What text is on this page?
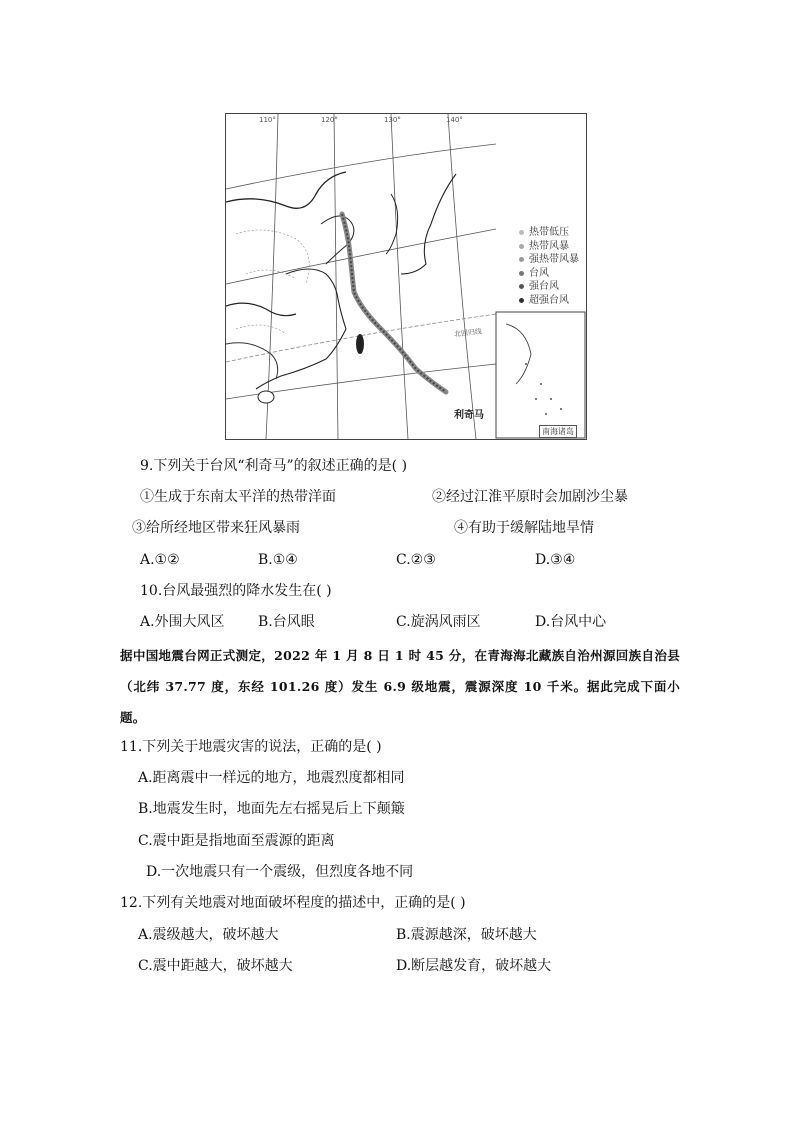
110°	120°	130°	140°
热带低压
热带风暴
强热带风暴
台风
强台风
超强台风
北回归线
利奇马
南海诸岛
9.下列关于台风“利奇马”的叙述正确的是( )
①生成于东南太平洋的热带洋面	②经过江淮平原时会加剧沙尘暴
③给所经地区带来狂风暴雨	④有助于缓解陆地旱情
A.①②	B.①④	C.②③	D.③④
10.台风最强烈的降水发生在( )
A.外围大风区 B.台风眼	C.旋涡风雨区	D.台风中心
据中国地震台网正式测定，2022 年 1 月 8 日 1 时 45 分，在青海海北藏族自治州源回族自治县（北纬 37.77 度，东经 101.26 度）发生 6.9 级地震，震源深度 10 千米。据此完成下面小题。
11.下列关于地震灾害的说法，正确的是( )
A.距离震中一样远的地方，地震烈度都相同
B.地震发生时，地面先左右摇晃后上下颠簸
C.震中距是指地面至震源的距离
D.一次地震只有一个震级，但烈度各地不同
12.下列有关地震对地面破坏程度的描述中，正确的是( )
A.震级越大，破坏越大	B.震源越深，破坏越大
C.震中距越大，破坏越大	D.断层越发育，破坏越大
